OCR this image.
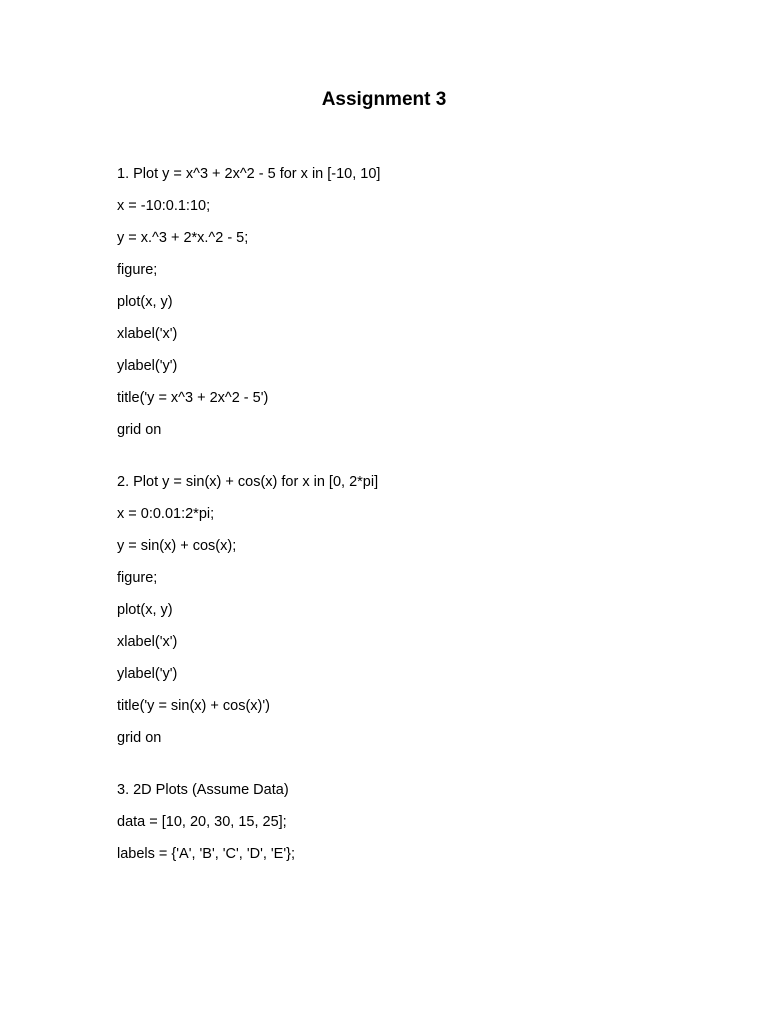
Assignment 3
1. Plot y = x^3 + 2x^2 - 5 for x in [-10, 10]
x = -10:0.1:10;
y = x.^3 + 2*x.^2 - 5;
figure;
plot(x, y)
xlabel('x')
ylabel('y')
title('y = x^3 + 2x^2 - 5')
grid on
2. Plot y = sin(x) + cos(x) for x in [0, 2*pi]
x = 0:0.01:2*pi;
y = sin(x) + cos(x);
figure;
plot(x, y)
xlabel('x')
ylabel('y')
title('y = sin(x) + cos(x)')
grid on
3. 2D Plots (Assume Data)
data = [10, 20, 30, 15, 25];
labels = {'A', 'B', 'C', 'D', 'E'};
